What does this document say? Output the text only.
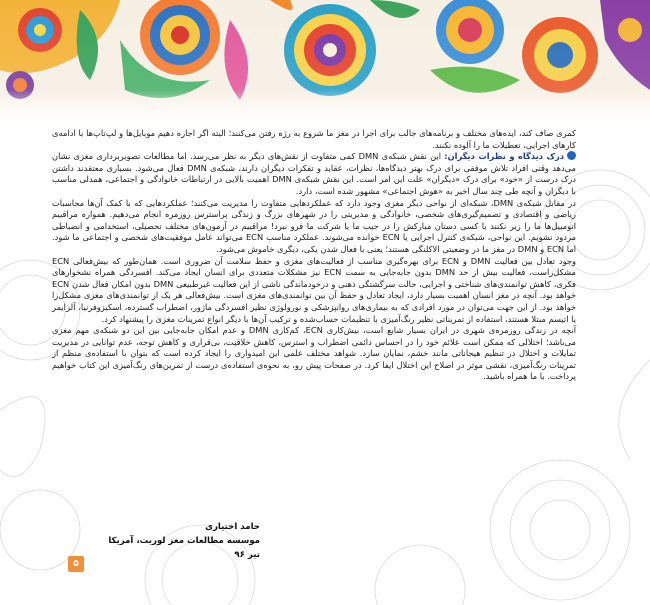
کمری صاف کند، ایده‌های مختلف و برنامه‌های جالب برای اجرا در مغز ما شروع به رژه رفتن می‌کنند؛ البته اگر اجازه دهیم موبایل‌ها و لپ‌تاپ‌ها با ادامه‌ی کارهای اجرایی، تعطیلات ما را آلوده نکنند.

درک دیدگاه و نظرات دیگران: این نقش شبکه‌ی DMN کمی متفاوت از نقش‌های دیگر به نظر می‌رسد. اما مطالعات تصویربرداری مغزی نشان می‌دهد وقتی افراد تلاش موفقی برای درک بهتر دیدگاه‌ها، نظرات، عقاید و تفکرات دیگران دارند، شبکه‌ی DMN فعال می‌شود. بسیاری معتقدند داشتن درک درست از «خود» برای درک «دیگران» علت این امر است. این نقش شبکه‌ی DMN اهمیت بالایی در ارتباطات خانوادگی و اجتماعی، همدلی مناسب با دیگران و آنچه طی چند سال اخیر به «هوش اجتماعی» مشهور شده است، دارد.

در مقابل شبکه‌ی DMN، شبکه‌ای از نواحی دیگر مغزی وجود دارد که عملکردهایی متفاوت را مدیریت می‌کنند؛ عملکردهایی که با کمک آن‌ها محاسبات ریاضی و اقتصادی و تصمیم‌گیری‌های شخصی، خانوادگی و مدیریتی را در شهرهای بزرگ و زندگی پراسترس روزمره انجام می‌دهیم. همواره مراقبیم اتومبیل‌ها ما را زیر نکنند یا کسی دستان مبارکش را در جیب ما یا شرکت ما فرو نبرد! مراقبیم در آزمون‌های مختلف تحصیلی، استخدامی و انضباطی مردود نشویم. این نواحی، شبکه‌ی کنترل اجرایی یا ECN خوانده می‌شوند. عملکرد مناسب ECN می‌تواند عامل موفقیت‌های شخصی و اجتماعی ما شود. اما ECN و DMN در مغز ما در وضعیتی الاکلنگی هستند؛ یعنی با فعال شدن یکی، دیگری خاموش می‌شود.

وجود تعادل بین فعالیت DMN و ECN برای بهره‌گیری مناسب از فعالیت‌های مغزی و حفظ سلامت آن ضروری است. همان‌طور که بیش‌فعالی ECN مشکل‌زاست، فعالیت بیش از حد DMN بدون جابه‌جایی به سمت ECN نیز مشکلات متعددی برای انسان ایجاد می‌کند. افسردگی همراه نشخوارهای فکری، کاهش توانمندی‌های شناختی و اجرایی، حالت سرگشتگی ذهنی و درخودماندگی ناشی از این فعالیت غیرطبیعی DMN بدون امکان فعال شدن ECN خواهد بود. آنچه در مغز انسان اهمیت بسیار دارد، ایجاد تعادل و حفظ آن بین توانمندی‌های مغزی است. بیش‌فعالی هر یک از توانمندی‌های مغزی مشکل‌زا خواهد بود. از این جهت می‌توان در مورد افرادی که به بیماری‌های روانپزشکی و نورولوژی نظیر افسردگی ماژور، اضطراب گسترده، اسکیزوفرنیا، آلزایمر یا اتیسم مبتلا هستند، استفاده از تمریناتی نظیر رنگ‌آمیزی با تنظیمات حساب‌شده و ترکیب آن‌ها با دیگر انواع تمرینات مغزی را پیشنهاد کرد.

آنچه در زندگی روزمره‌ی شهری در ایران بسیار شایع است، بیش‌کاری ECN، کم‌کاری DMN و عدم امکان جابه‌جایی بین این دو شبکه‌ی مهم مغزی می‌باشد؛ اختلالی که ممکن است علائم خود را در احساس دائمی اضطراب و استرس، کاهش خلاقیت، بی‌قراری و کاهش توجه، عدم توانایی در مدیریت تمایلات و اختلال در تنظیم هیجاناتی مانند خشم، نمایان سازد. شواهد مختلف علمی این امیدواری را ایجاد کرده است که بتوان با استفاده‌ی منظم از تمرینات رنگ‌آمیزی، نقشی موثر در اصلاح این اختلال ایفا کرد. در صفحات پیش رو، به نحوه‌ی استفاده‌ی درست از تمرین‌های رنگ‌آمیزی این کتاب خواهیم پرداخت. با ما همراه باشید.

حامد اختیاری
موسسه مطالعات مغز لوریت، آمریکا
تیر ۹۶
۵
